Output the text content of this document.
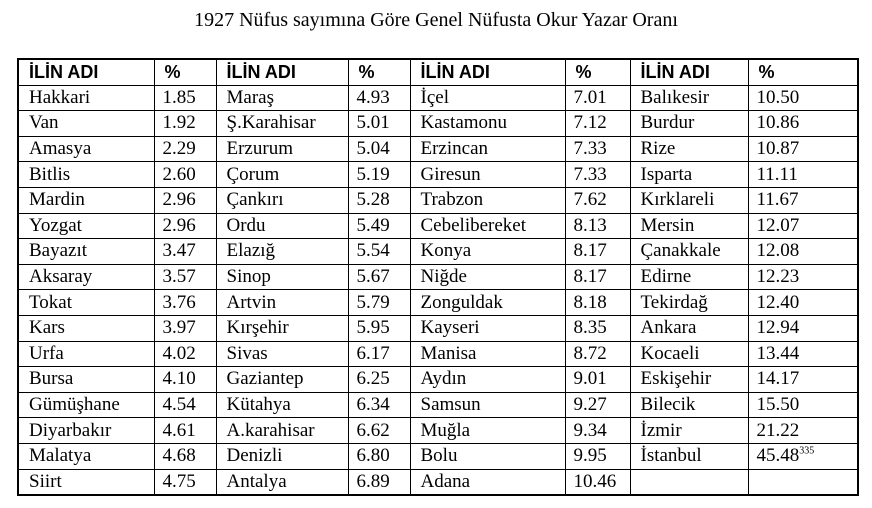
1927 Nüfus sayımına Göre Genel Nüfusta Okur Yazar Oranı
İLİN ADI	%	İLİN ADI	%	İLİN ADI	%	İLİN ADI	%
Hakkari	1.85	Maraş	4.93	İçel	7.01	Balıkesir	10.50
Van	1.92	Ş.Karahisar	5.01	Kastamonu	7.12	Burdur	10.86
Amasya	2.29	Erzurum	5.04	Erzincan	7.33	Rize	10.87
Bitlis	2.60	Çorum	5.19	Giresun	7.33	Isparta	11.11
Mardin	2.96	Çankırı	5.28	Trabzon	7.62	Kırklareli	11.67
Yozgat	2.96	Ordu	5.49	Cebelibereket	8.13	Mersin	12.07
Bayazıt	3.47	Elazığ	5.54	Konya	8.17	Çanakkale	12.08
Aksaray	3.57	Sinop	5.67	Niğde	8.17	Edirne	12.23
Tokat	3.76	Artvin	5.79	Zonguldak	8.18	Tekirdağ	12.40
Kars	3.97	Kırşehir	5.95	Kayseri	8.35	Ankara	12.94
Urfa	4.02	Sivas	6.17	Manisa	8.72	Kocaeli	13.44
Bursa	4.10	Gaziantep	6.25	Aydın	9.01	Eskişehir	14.17
Gümüşhane	4.54	Kütahya	6.34	Samsun	9.27	Bilecik	15.50
Diyarbakır	4.61	A.karahisar	6.62	Muğla	9.34	İzmir	21.22
Malatya	4.68	Denizli	6.80	Bolu	9.95	İstanbul	45.48$^{335}$
Siirt	4.75	Antalya	6.89	Adana	10.46		
